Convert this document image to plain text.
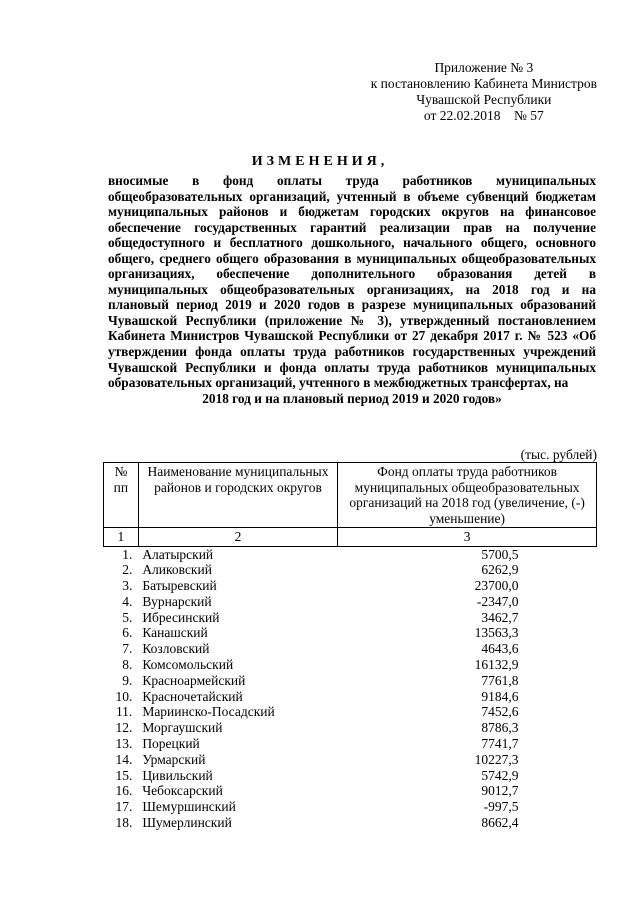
Приложение № 3
к постановлению Кабинета Министров
Чувашской Республики
от 22.02.2018    № 57
ИЗМЕНЕНИЯ,
вносимые в фонд оплаты труда работников муниципальных общеобразовательных организаций, учтенный в объеме субвенций бюджетам муниципальных районов и бюджетам городских округов на финансовое обеспечение государственных гарантий реализации прав на получение общедоступного и бесплатного дошкольного, начального общего, основного общего, среднего общего образования в муниципальных общеобразовательных организациях, обеспечение дополнительного образования детей в муниципальных общеобразовательных организациях, на 2018 год и на плановый период 2019 и 2020 годов в разрезе муниципальных образований Чувашской Республики (приложение № 3), утвержденный постановлением Кабинета Министров Чувашской Республики от 27 декабря 2017 г. № 523 «Об утверждении фонда оплаты труда работников государственных учреждений Чувашской Республики и фонда оплаты труда работников муниципальных образовательных организаций, учтенного в межбюджетных трансфертах, на
2018 год и на плановый период 2019 и 2020 годов»
(тыс. рублей)
№ пп	Наименование муниципальных районов и городских округов	Фонд оплаты труда работников муниципальных общеобразовательных организаций на 2018 год (увеличение, (-) уменьшение)
1	2	3
1.	Алатырский	5700,5
2.	Аликовский	6262,9
3.	Батыревский	23700,0
4.	Вурнарский	-2347,0
5.	Ибресинский	3462,7
6.	Канашский	13563,3
7.	Козловский	4643,6
8.	Комсомольский	16132,9
9.	Красноармейский	7761,8
10.	Красночетайский	9184,6
11.	Мариинско-Посадский	7452,6
12.	Моргаушский	8786,3
13.	Порецкий	7741,7
14.	Урмарский	10227,3
15.	Цивильский	5742,9
16.	Чебоксарский	9012,7
17.	Шемуршинский	-997,5
18.	Шумерлинский	8662,4
